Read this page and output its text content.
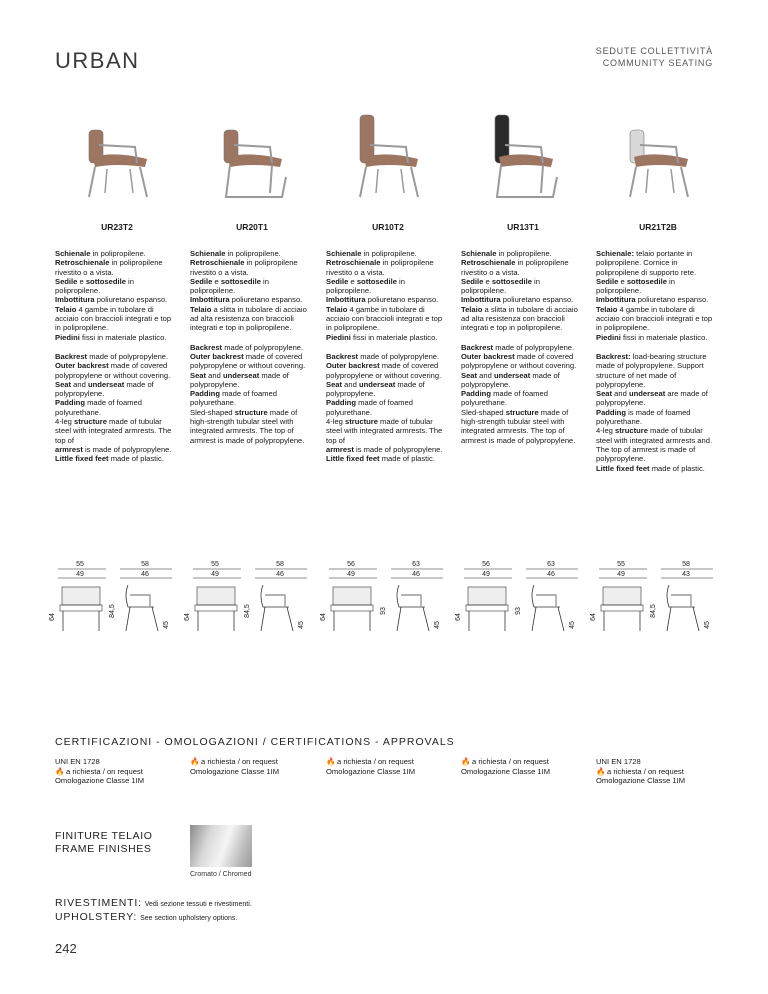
URBAN	SEDUTE COLLETTIVITÀ
COMMUNITY SEATING
UR23T2

Schienale in polipropilene.
Retroschienale in polipropilene rivestito o a vista.
Sedile e sottosedile in polipropilene.
Imbottitura poliuretano espanso.
Telaio 4 gambe in tubolare di acciaio con braccioli integrati e top in polipropilene.
Piedini fissi in materiale plastico.

Backrest made of polypropylene.
Outer backrest made of covered polypropylene or without covering.
Seat and underseat made of polypropylene.
Padding made of foamed polyurethane.
4-leg structure made of tubular steel with integrated armrests. The top of
armrest is made of polypropylene.
Little fixed feet made of plastic.

55
49
58
46
64	84,5
45
UNI EN 1728
🔥 a richiesta / on request
Omologazione Classe 1IM
UR20T1

Schienale in polipropilene.
Retroschienale in polipropilene rivestito o a vista.
Sedile e sottosedile in polipropilene.
Imbottitura poliuretano espanso.
Telaio a slitta in tubolare di acciaio ad alta resistenza con braccioli integrati e top in polipropilene.

Backrest made of polypropylene.
Outer backrest made of covered polypropylene or without covering.
Seat and underseat made of polypropylene.
Padding made of foamed polyurethane.
Sled-shaped structure made of high-strength tubular steel with integrated armrests. The top of armrest is made of polypropylene.

55
49
58
46
64	84,5
45
🔥 a richiesta / on request
Omologazione Classe 1IM
UR10T2

Schienale in polipropilene.
Retroschienale in polipropilene rivestito o a vista.
Sedile e sottosedile in polipropilene.
Imbottitura poliuretano espanso.
Telaio 4 gambe in tubolare di acciaio con braccioli integrati e top in polipropilene.
Piedini fissi in materiale plastico.

Backrest made of polypropylene.
Outer backrest made of covered polypropylene or without covering.
Seat and underseat made of polypropylene.
Padding made of foamed polyurethane.
4-leg structure made of tubular steel with integrated armrests. The top of
armrest is made of polypropylene.
Little fixed feet made of plastic.

56
49
63
46
64
93
45
🔥 a richiesta / on request
Omologazione Classe 1IM
UR13T1

Schienale in polipropilene.
Retroschienale in polipropilene rivestito o a vista.
Sedile e sottosedile in polipropilene.
Imbottitura poliuretano espanso.
Telaio a slitta in tubolare di acciaio ad alta resistenza con braccioli integrati e top in polipropilene.

Backrest made of polypropylene.
Outer backrest made of covered polypropylene or without covering.
Seat and underseat made of polypropylene.
Padding made of foamed polyurethane.
Sled-shaped structure made of high-strength tubular steel with integrated armrests. The top of armrest is made of polypropylene.

56
49
63
46
64
93
45
🔥 a richiesta / on request
Omologazione Classe 1IM
UR21T2B

Schienale: telaio portante in polipropilene. Cornice in polipropilene di supporto rete.
Sedile e sottosedile in polipropilene.
Imbottitura poliuretano espanso.
Telaio 4 gambe in tubolare di acciaio con braccioli integrati e top in polipropilene.
Piedini fissi in materiale plastico.

Backrest: load-bearing structure made of polypropylene. Support structure of net made of polypropylene.
Seat and underseat are made of polypropylene.
Padding is made of foamed polyurethane.
4-leg structure made of tubular steel with integrated armrests and. The top of armrest is made of polypropylene.
Little fixed feet made of plastic.

55
49
58
43
64	84,5
45
UNI EN 1728
🔥 a richiesta / on request
Omologazione Classe 1IM
CERTIFICAZIONI - OMOLOGAZIONI / CERTIFICATIONS - APPROVALS
FINITURE TELAIO
FRAME FINISHES
Cromato / Chromed
RIVESTIMENTI: Vedi sezione tessuti e rivestimenti.
UPHOLSTERY: See section upholstery options.
242
